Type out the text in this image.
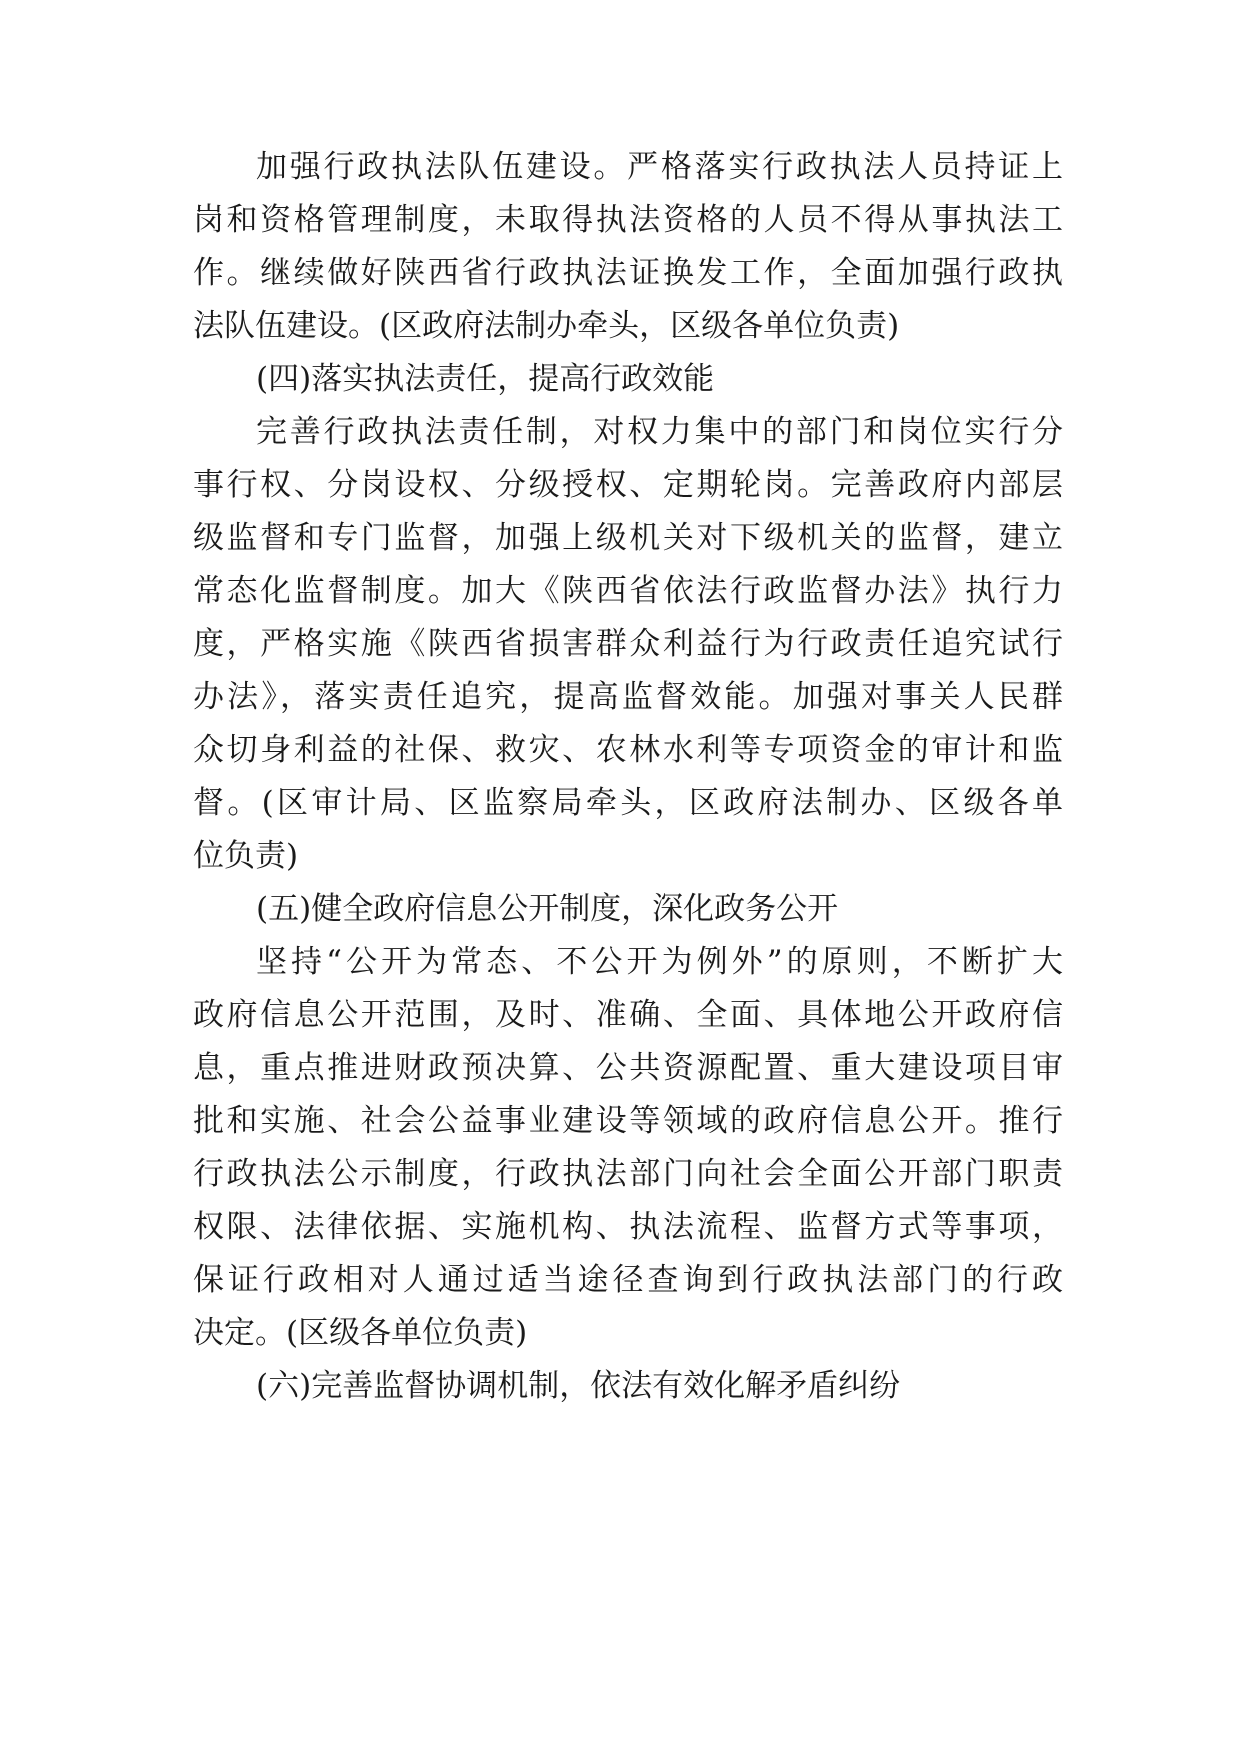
加强行政执法队伍建设。严格落实行政执法人员持证上
岗和资格管理制度，未取得执法资格的人员不得从事执法工
作。继续做好陕西省行政执法证换发工作，全面加强行政执
法队伍建设。(区政府法制办牵头，区级各单位负责)
(四)落实执法责任，提高行政效能
完善行政执法责任制，对权力集中的部门和岗位实行分
事行权、分岗设权、分级授权、定期轮岗。完善政府内部层
级监督和专门监督，加强上级机关对下级机关的监督，建立
常态化监督制度。加大《陕西省依法行政监督办法》执行力
度，严格实施《陕西省损害群众利益行为行政责任追究试行
办法》，落实责任追究，提高监督效能。加强对事关人民群
众切身利益的社保、救灾、农林水利等专项资金的审计和监
督。(区审计局、区监察局牵头，区政府法制办、区级各单
位负责)
(五)健全政府信息公开制度，深化政务公开
坚持“公开为常态、不公开为例外”的原则，不断扩大
政府信息公开范围，及时、准确、全面、具体地公开政府信
息，重点推进财政预决算、公共资源配置、重大建设项目审
批和实施、社会公益事业建设等领域的政府信息公开。推行
行政执法公示制度，行政执法部门向社会全面公开部门职责
权限、法律依据、实施机构、执法流程、监督方式等事项，
保证行政相对人通过适当途径查询到行政执法部门的行政
决定。(区级各单位负责)
(六)完善监督协调机制，依法有效化解矛盾纠纷
